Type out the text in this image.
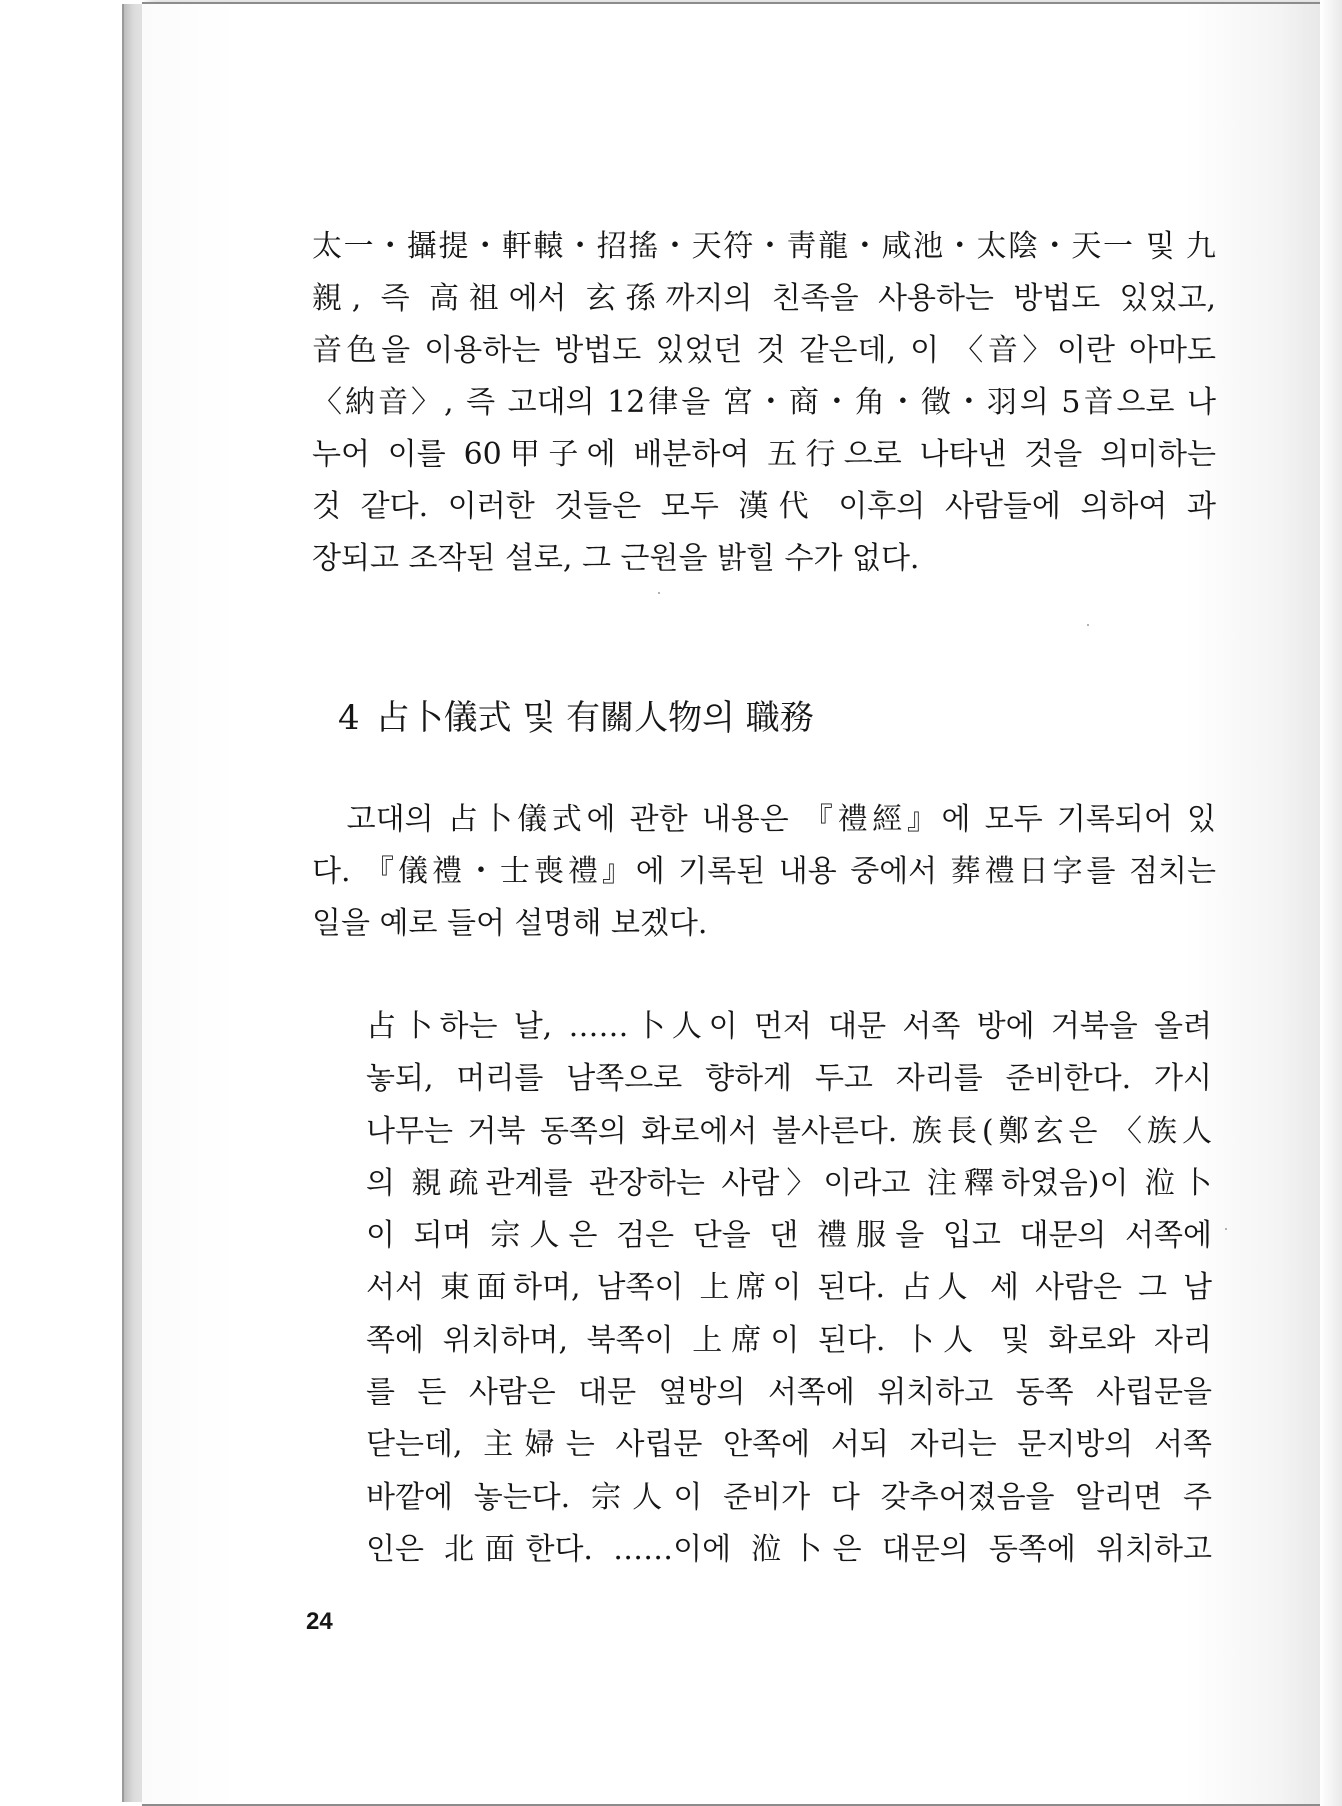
太一・攝提・軒轅・招搖・天符・靑龍・咸池・太陰・天一 및 九
親, 즉 高祖에서 玄孫까지의 친족을 사용하는 방법도 있었고,
音色을 이용하는 방법도 있었던 것 같은데, 이 〈音〉이란 아마도
〈納音〉, 즉 고대의 12律을 宮・商・角・徵・羽의 5音으로 나
누어 이를 60甲子에 배분하여 五行으로 나타낸 것을 의미하는
것 같다. 이러한 것들은 모두 漢代 이후의 사람들에 의하여 과
장되고 조작된 설로, 그 근원을 밝힐 수가 없다.
4 占卜儀式 및 有關人物의 職務
　고대의 占卜儀式에 관한 내용은 『禮經』에 모두 기록되어 있
다. 『儀禮・士喪禮』에 기록된 내용 중에서 葬禮日字를 점치는
일을 예로 들어 설명해 보겠다.
占卜하는 날, ……卜人이 먼저 대문 서쪽 방에 거북을 올려
놓되, 머리를 남쪽으로 향하게 두고 자리를 준비한다. 가시
나무는 거북 동쪽의 화로에서 불사른다. 族長(鄭玄은 〈族人
의 親疏관계를 관장하는 사람〉이라고 注釋하였음)이 涖卜
이 되며 宗人은 검은 단을 댄 禮服을 입고 대문의 서쪽에
서서 東面하며, 남쪽이 上席이 된다. 占人 세 사람은 그 남
쪽에 위치하며, 북쪽이 上席이 된다. 卜人 및 화로와 자리
를 든 사람은 대문 옆방의 서쪽에 위치하고 동쪽 사립문을
닫는데, 主婦는 사립문 안쪽에 서되 자리는 문지방의 서쪽
바깥에 놓는다. 宗人이 준비가 다 갖추어졌음을 알리면 주
인은 北面한다. ……이에 涖卜은 대문의 동쪽에 위치하고
24
